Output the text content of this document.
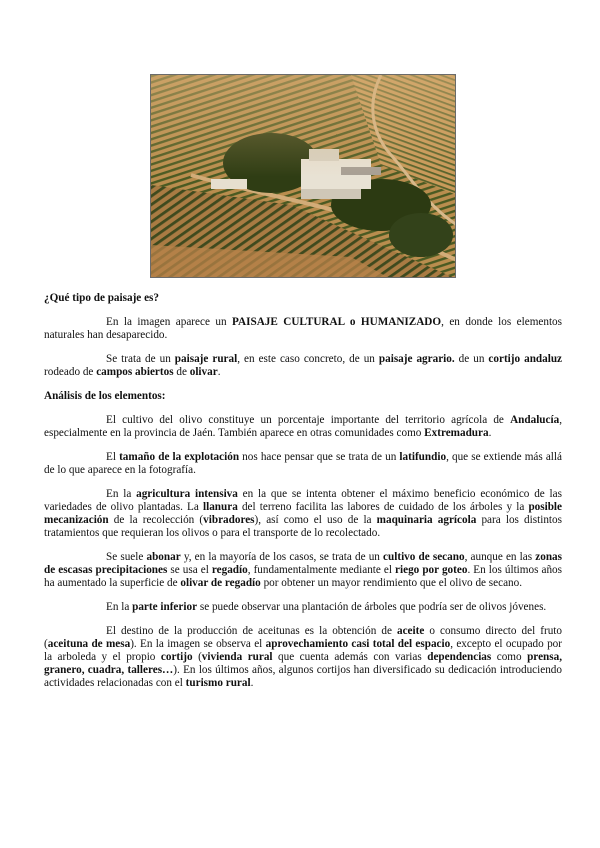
¿Qué tipo de paisaje es?

En la imagen aparece un PAISAJE CULTURAL o HUMANIZADO, en donde los elementos naturales han desaparecido.

Se trata de un paisaje rural, en este caso concreto, de un paisaje agrario. de un cortijo andaluz rodeado de campos abiertos de olivar.

Análisis de los elementos:

El cultivo del olivo constituye un porcentaje importante del territorio agrícola de Andalucía, especialmente en la provincia de Jaén. También aparece en otras comunidades como Extremadura.

El tamaño de la explotación nos hace pensar que se trata de un latifundio, que se extiende más allá de lo que aparece en la fotografía.

En la agricultura intensiva en la que se intenta obtener el máximo beneficio económico de las variedades de olivo plantadas. La llanura del terreno facilita las labores de cuidado de los árboles y la posible mecanización de la recolección (vibradores), así como el uso de la maquinaria agrícola para los distintos tratamientos que requieran los olivos o para el transporte de lo recolectado.

Se suele abonar y, en la mayoría de los casos, se trata de un cultivo de secano, aunque en las zonas de escasas precipitaciones se usa el regadío, fundamentalmente mediante el riego por goteo. En los últimos años ha aumentado la superficie de olivar de regadío por obtener un mayor rendimiento que el olivo de secano.

En la parte inferior se puede observar una plantación de árboles que podría ser de olivos jóvenes.

El destino de la producción de aceitunas es la obtención de aceite o consumo directo del fruto (aceituna de mesa). En la imagen se observa el aprovechamiento casi total del espacio, excepto el ocupado por la arboleda y el propio cortijo (vivienda rural que cuenta además con varias dependencias como prensa, granero, cuadra, talleres…). En los últimos años, algunos cortijos han diversificado su dedicación introduciendo actividades relacionadas con el turismo rural.
